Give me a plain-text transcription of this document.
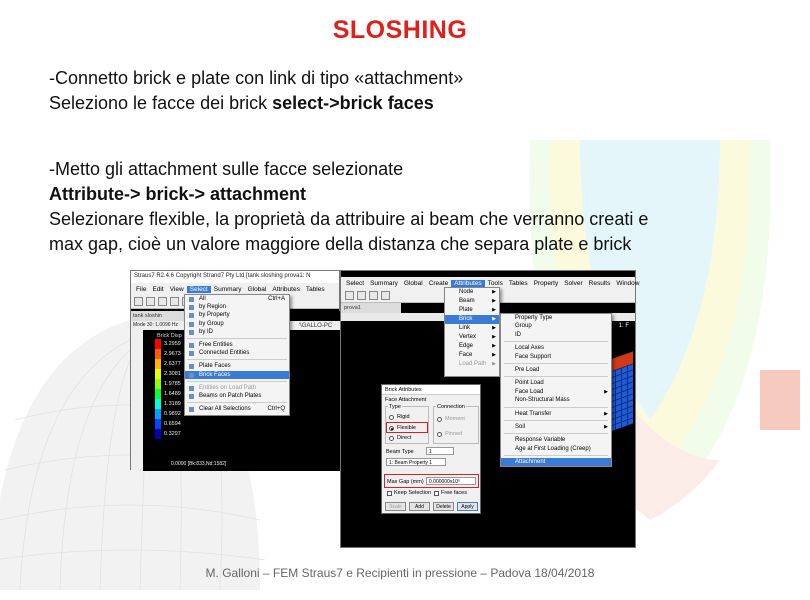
SLOSHING
-Connetto brick e plate con link di tipo «attachment»
Seleziono le facce dei brick select->brick faces
-Metto gli attachment sulle facce selezionate
Attribute-> brick-> attachment
Selezionare flexible, la proprietà da attribuire ai beam che verranno creati e
max gap, cioè un valore maggiore della distanza che separa plate e brick
Straus7 R2.4.6 Copyright Strand7 Pty Ltd [tank sloshing prova1: N
File Edit View Select Summary Global Attributes Tables
tank sloshin
Mode 30: 1.0096 Hz
Brick Disp
3.2959
2.9673
2.6377
2.3081
1.9785
1.6489
1.3189
0.9892
0.6594
0.3297
0.0000 [Bk:833,Nd:1582]
'\GALLO-PC
All	Ctrl+A
by Region
by Property
by Group
by ID
Free Entities
Connected Entities
Plate Faces
Brick Faces
Entities on Load Path
Beams on Patch Plates
Clear All Selections	Ctrl+Q
Select Summary Global Create Attributes Tools Tables Property Solver Results Window
prova1
1: F
Node	▶
Beam	▶
Plate	▶
Brick	▶
Link	▶
Vertex	▶
Edge	▶
Face	▶
Load Path ▶
Property Type
Group
ID
Local Axes
Face Support
Pre Load
Point Load
Face Load	▶
Non-Structural Mass
Heat Transfer	▶
Soil	▶
Response Variable
Age at First Loading (Creep)
Attachment
Brick Attributes
Face Attachment
Type
Rigid
Flexible
Direct
Connection
Moment
Pinned
Beam Type	1
1: Beam Property 1
Max Gap (mm)	0.000000x10⁰
Keep Selection Free faces
Scale	Add	Delete	Apply
M. Galloni – FEM Straus7 e Recipienti in pressione – Padova 18/04/2018
